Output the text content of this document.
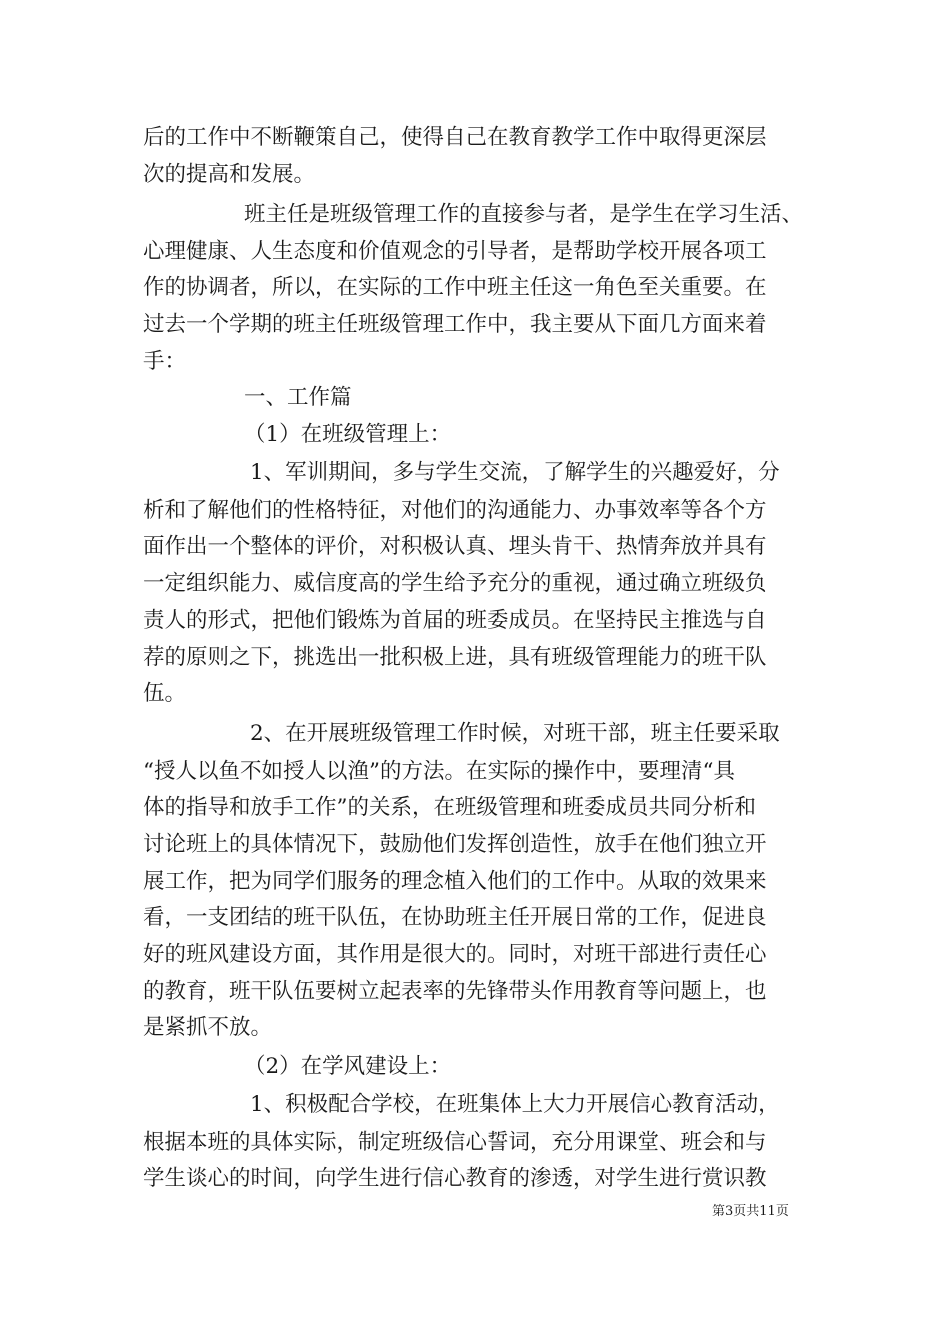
后的工作中不断鞭策自己，使得自己在教育教学工作中取得更深层
次的提高和发展。
班主任是班级管理工作的直接参与者，是学生在学习生活、
心理健康、人生态度和价值观念的引导者，是帮助学校开展各项工
作的协调者，所以，在实际的工作中班主任这一角色至关重要。在
过去一个学期的班主任班级管理工作中，我主要从下面几方面来着
手：
一、工作篇
（1）在班级管理上：
1、军训期间，多与学生交流，了解学生的兴趣爱好，分
析和了解他们的性格特征，对他们的沟通能力、办事效率等各个方
面作出一个整体的评价，对积极认真、埋头肯干、热情奔放并具有
一定组织能力、威信度高的学生给予充分的重视，通过确立班级负
责人的形式，把他们锻炼为首届的班委成员。在坚持民主推选与自
荐的原则之下，挑选出一批积极上进，具有班级管理能力的班干队
伍。
2、在开展班级管理工作时候，对班干部，班主任要采取
“授人以鱼不如授人以渔”的方法。在实际的操作中，要理清“具
体的指导和放手工作”的关系，在班级管理和班委成员共同分析和
讨论班上的具体情况下，鼓励他们发挥创造性，放手在他们独立开
展工作，把为同学们服务的理念植入他们的工作中。从取的效果来
看，一支团结的班干队伍，在协助班主任开展日常的工作，促进良
好的班风建设方面，其作用是很大的。同时，对班干部进行责任心
的教育，班干队伍要树立起表率的先锋带头作用教育等问题上，也
是紧抓不放。
（2）在学风建设上：
1、积极配合学校，在班集体上大力开展信心教育活动，
根据本班的具体实际，制定班级信心誓词，充分用课堂、班会和与
学生谈心的时间，向学生进行信心教育的渗透，对学生进行赏识教
第3页共11页
